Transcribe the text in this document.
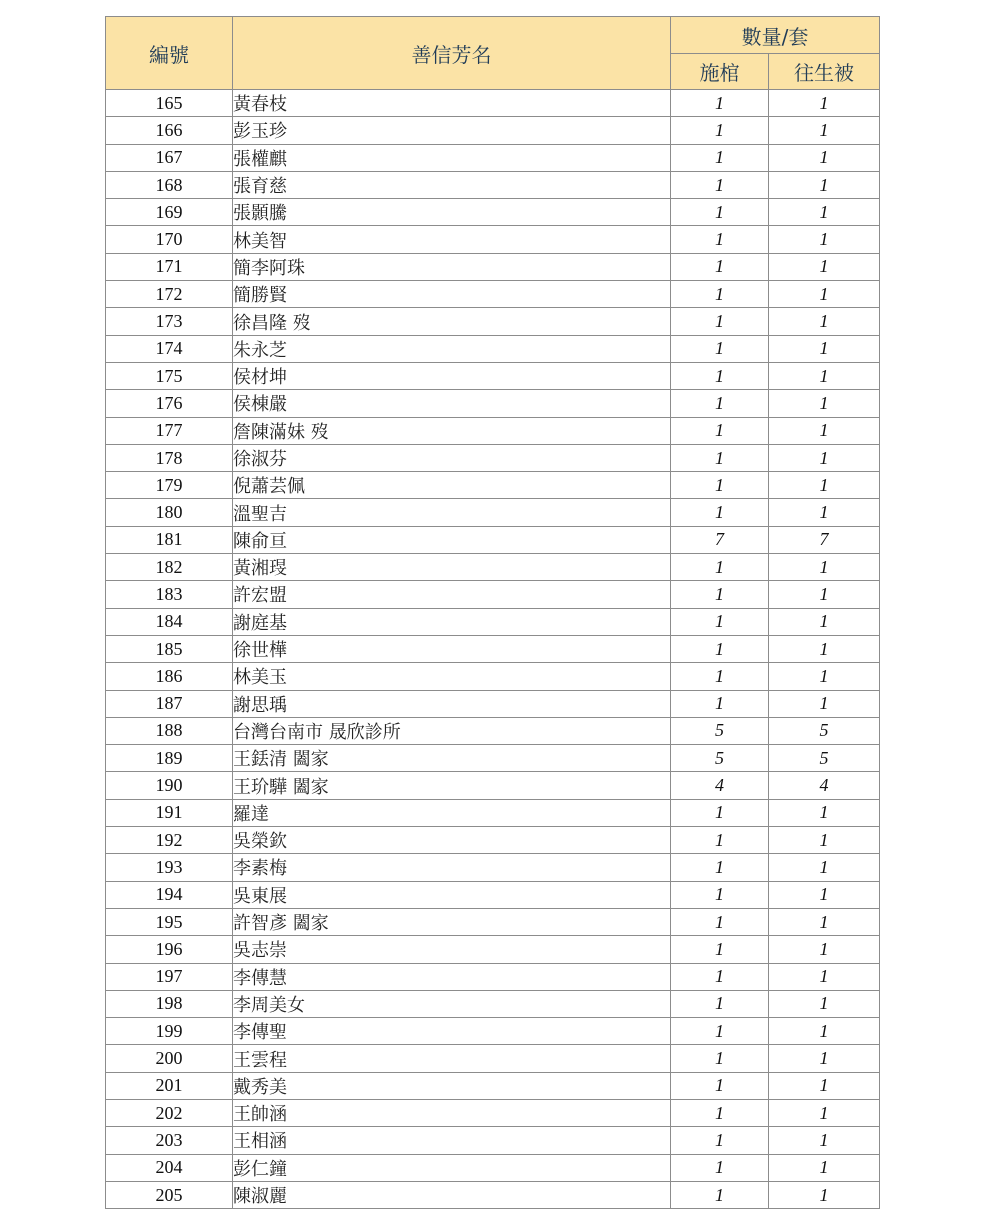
編號	善信芳名	數量/套	
		施棺	往生被
165	黃春枝	1	1
166	彭玉珍	1	1
167	張權麒	1	1
168	張育慈	1	1
169	張顥騰	1	1
170	林美智	1	1
171	簡李阿珠	1	1
172	簡勝賢	1	1
173	徐昌隆 歿	1	1
174	朱永芝	1	1
175	侯材坤	1	1
176	侯棟嚴	1	1
177	詹陳滿妹 歿	1	1
178	徐淑芬	1	1
179	倪蕭芸佩	1	1
180	溫聖吉	1	1
181	陳俞亘	7	7
182	黃湘琝	1	1
183	許宏盟	1	1
184	謝庭基	1	1
185	徐世樺	1	1
186	林美玉	1	1
187	謝思瑀	1	1
188	台灣台南市 晟欣診所	5	5
189	王銩清 闔家	5	5
190	王玠驊 闔家	4	4
191	羅達	1	1
192	吳榮欽	1	1
193	李素梅	1	1
194	吳東展	1	1
195	許智彥 闔家	1	1
196	吳志崇	1	1
197	李傳慧	1	1
198	李周美女	1	1
199	李傳聖	1	1
200	王雲程	1	1
201	戴秀美	1	1
202	王帥涵	1	1
203	王相涵	1	1
204	彭仁鐘	1	1
205	陳淑麗	1	1
